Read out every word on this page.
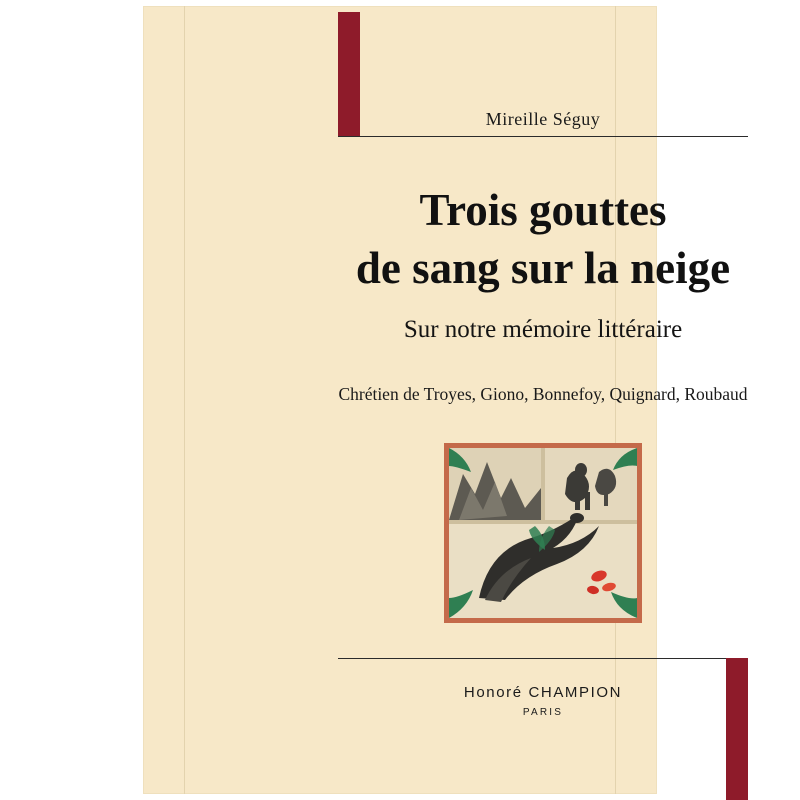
Mireille Séguy
Trois gouttes
de sang sur la neige
Sur notre mémoire littéraire
Chrétien de Troyes, Giono, Bonnefoy, Quignard, Roubaud
Honoré CHAMPION
PARIS
